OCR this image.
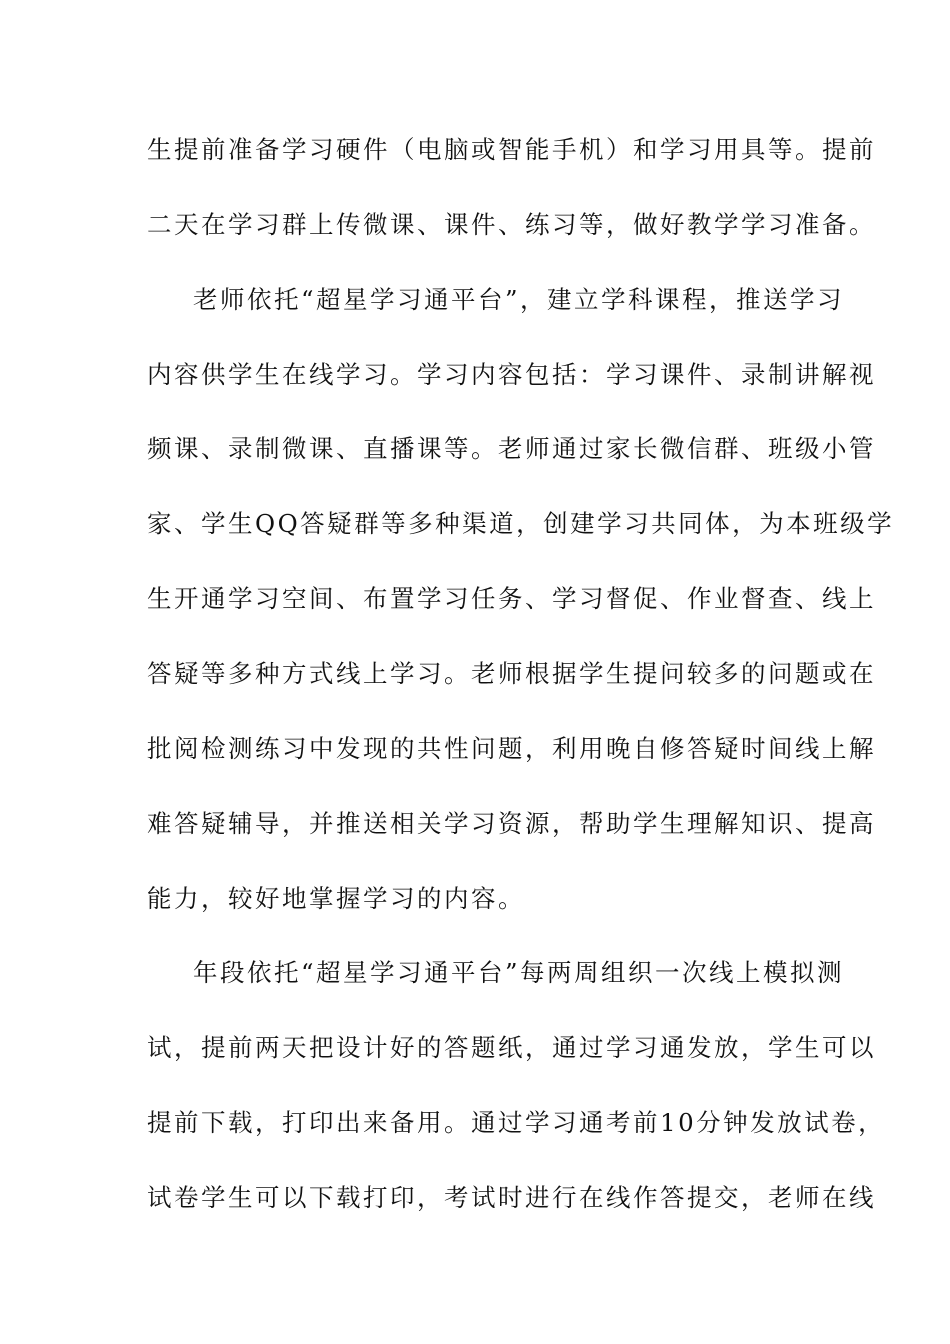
生提前准备学习硬件（电脑或智能手机）和学习用具等。提前
二天在学习群上传微课、课件、练习等，做好教学学习准备。
老师依托“超星学习通平台”，建立学科课程，推送学习
内容供学生在线学习。学习内容包括：学习课件、录制讲解视
频课、录制微课、直播课等。老师通过家长微信群、班级小管
家、学生QQ答疑群等多种渠道，创建学习共同体，为本班级学
生开通学习空间、布置学习任务、学习督促、作业督查、线上
答疑等多种方式线上学习。老师根据学生提问较多的问题或在
批阅检测练习中发现的共性问题，利用晚自修答疑时间线上解
难答疑辅导，并推送相关学习资源，帮助学生理解知识、提高
能力，较好地掌握学习的内容。
年段依托“超星学习通平台”每两周组织一次线上模拟测
试，提前两天把设计好的答题纸，通过学习通发放，学生可以
提前下载，打印出来备用。通过学习通考前10分钟发放试卷，
试卷学生可以下载打印，考试时进行在线作答提交，老师在线
